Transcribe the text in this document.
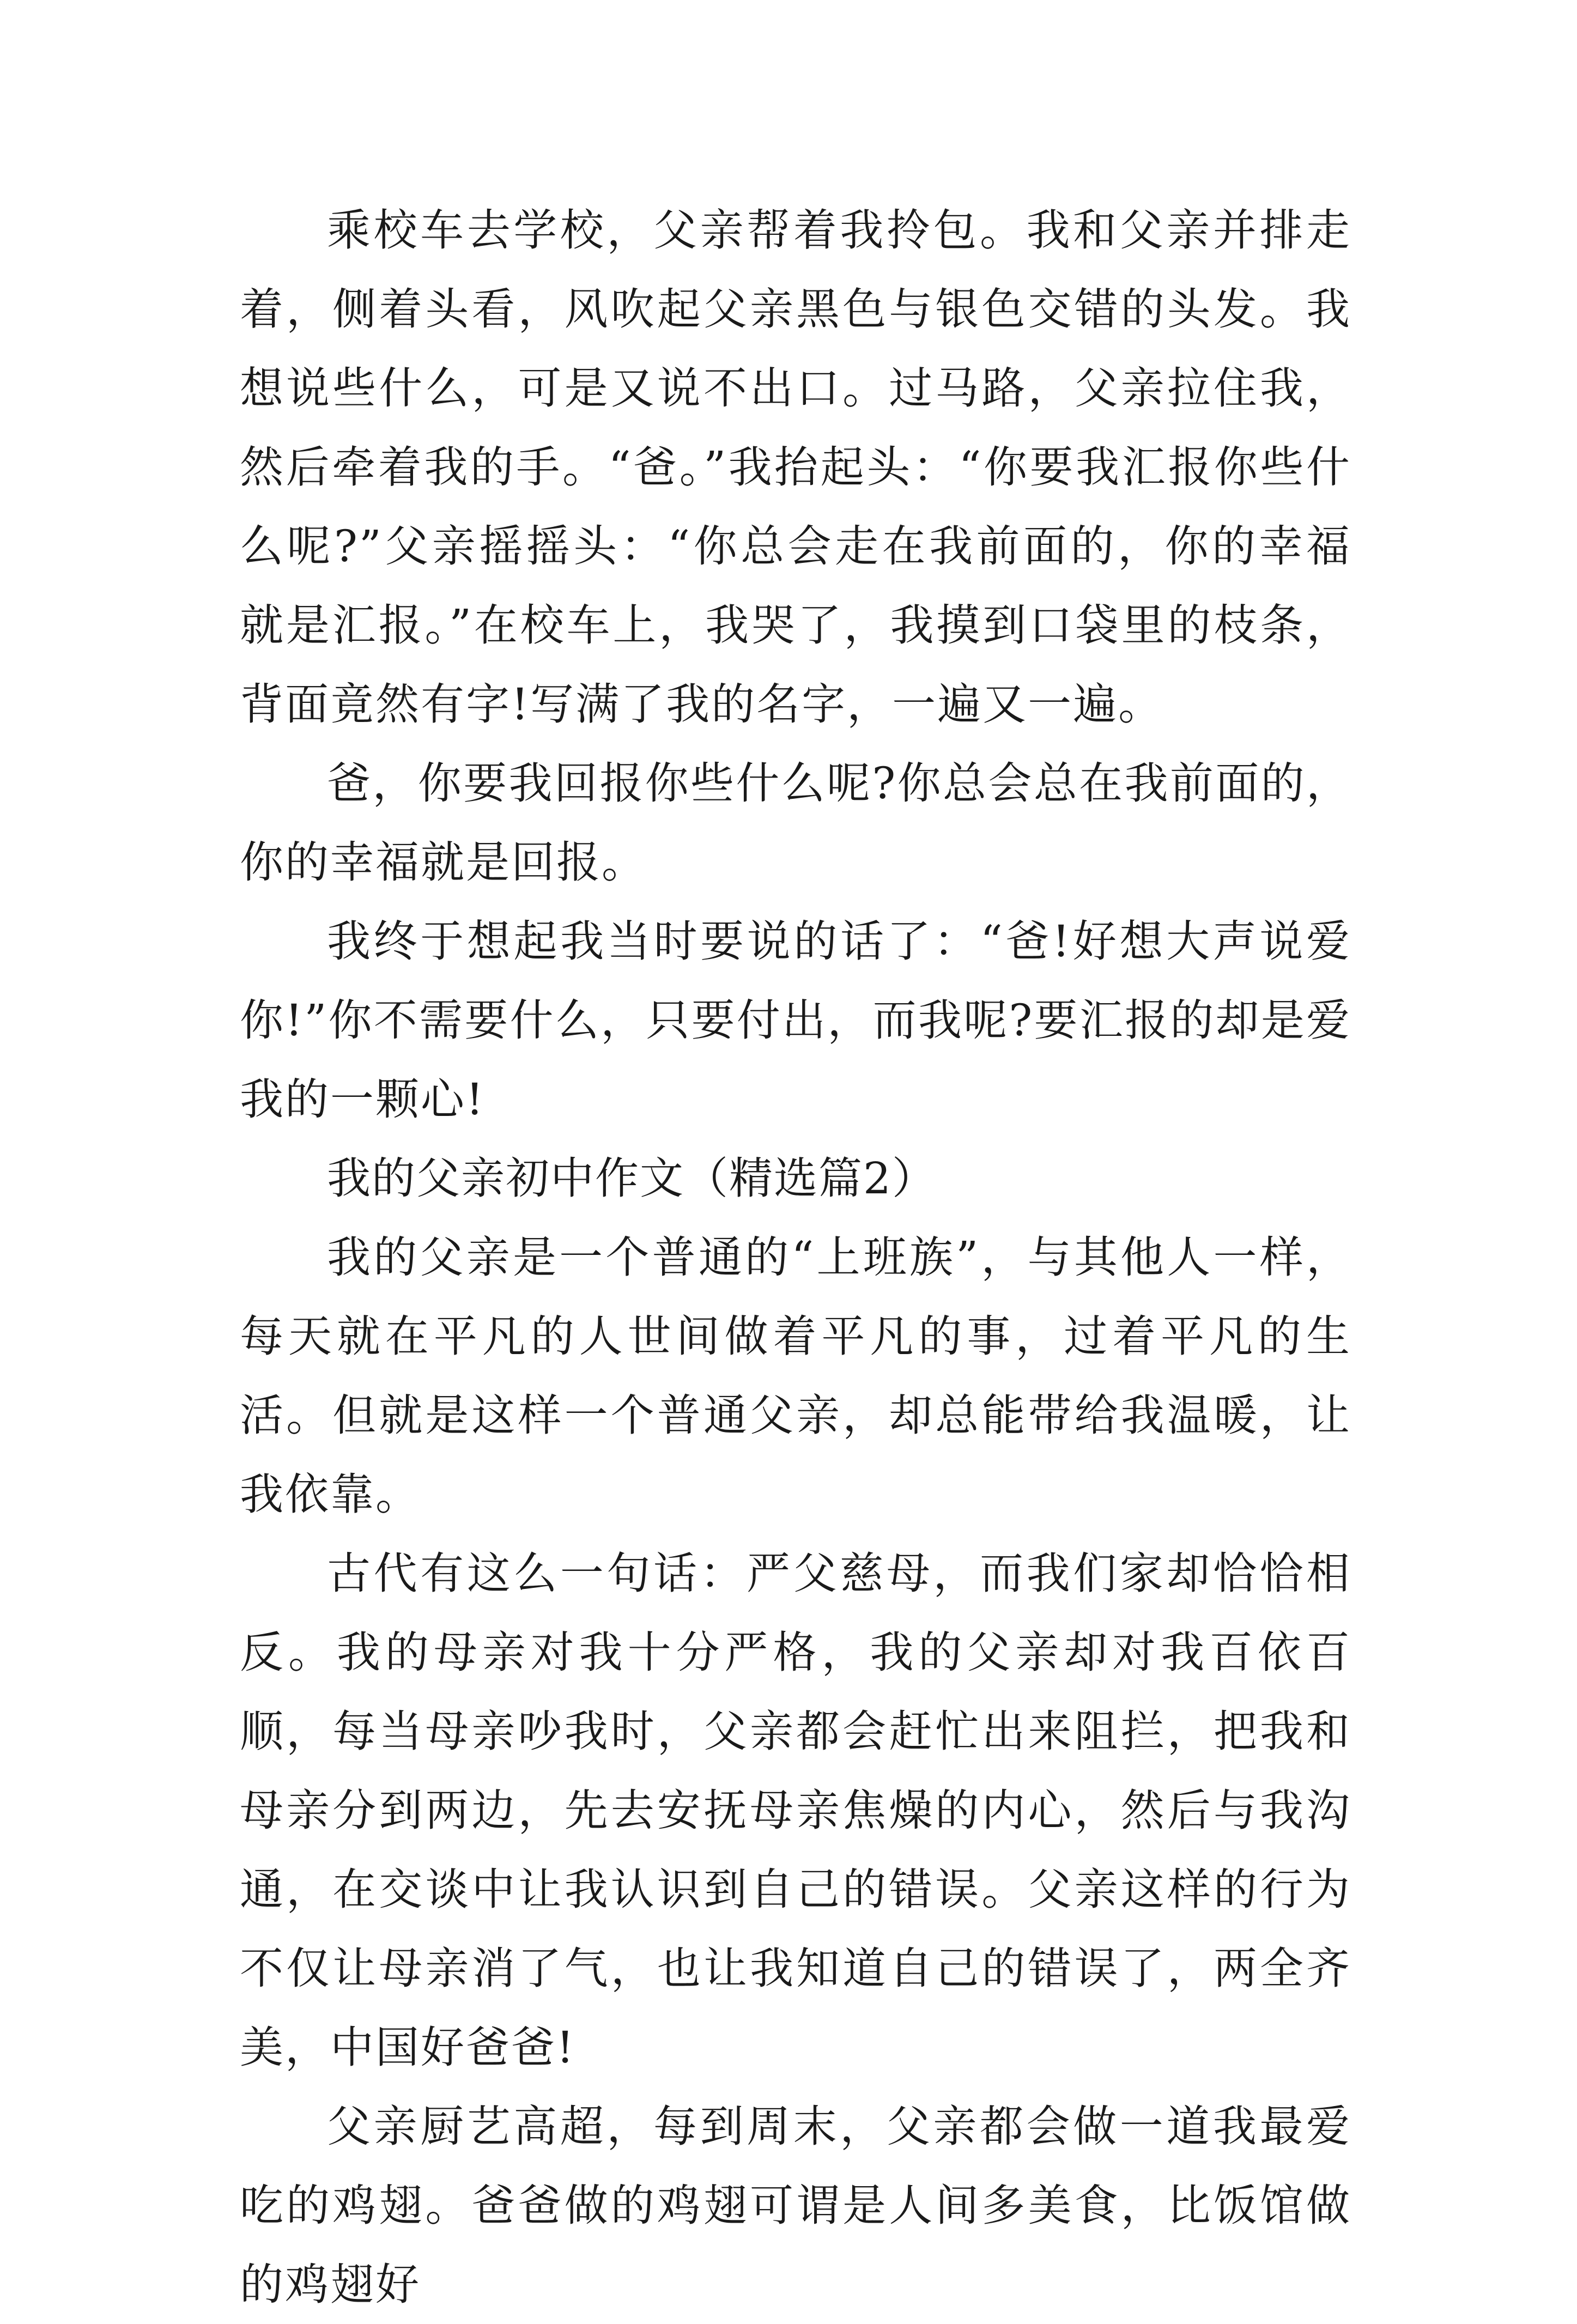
乘校车去学校，父亲帮着我拎包。我和父亲并排走着，侧着头看，风吹起父亲黑色与银色交错的头发。我想说些什么，可是又说不出口。过马路，父亲拉住我，然后牵着我的手。“爸。”我抬起头：“你要我汇报你些什么呢?”父亲摇摇头：“你总会走在我前面的，你的幸福就是汇报。”在校车上，我哭了，我摸到口袋里的枝条，背面竟然有字!写满了我的名字，一遍又一遍。

爸，你要我回报你些什么呢?你总会总在我前面的，你的幸福就是回报。

我终于想起我当时要说的话了：“爸!好想大声说爱你!”你不需要什么，只要付出，而我呢?要汇报的却是爱我的一颗心!

我的父亲初中作文（精选篇2）

我的父亲是一个普通的“上班族”，与其他人一样，每天就在平凡的人世间做着平凡的事，过着平凡的生活。但就是这样一个普通父亲，却总能带给我温暖，让我依靠。

古代有这么一句话：严父慈母，而我们家却恰恰相反。我的母亲对我十分严格，我的父亲却对我百依百顺，每当母亲吵我时，父亲都会赶忙出来阻拦，把我和母亲分到两边，先去安抚母亲焦燥的内心，然后与我沟通，在交谈中让我认识到自己的错误。父亲这样的行为不仅让母亲消了气，也让我知道自己的错误了，两全齐美，中国好爸爸!

父亲厨艺高超，每到周末，父亲都会做一道我最爱吃的鸡翅。爸爸做的鸡翅可谓是人间多美食，比饭馆做的鸡翅好
